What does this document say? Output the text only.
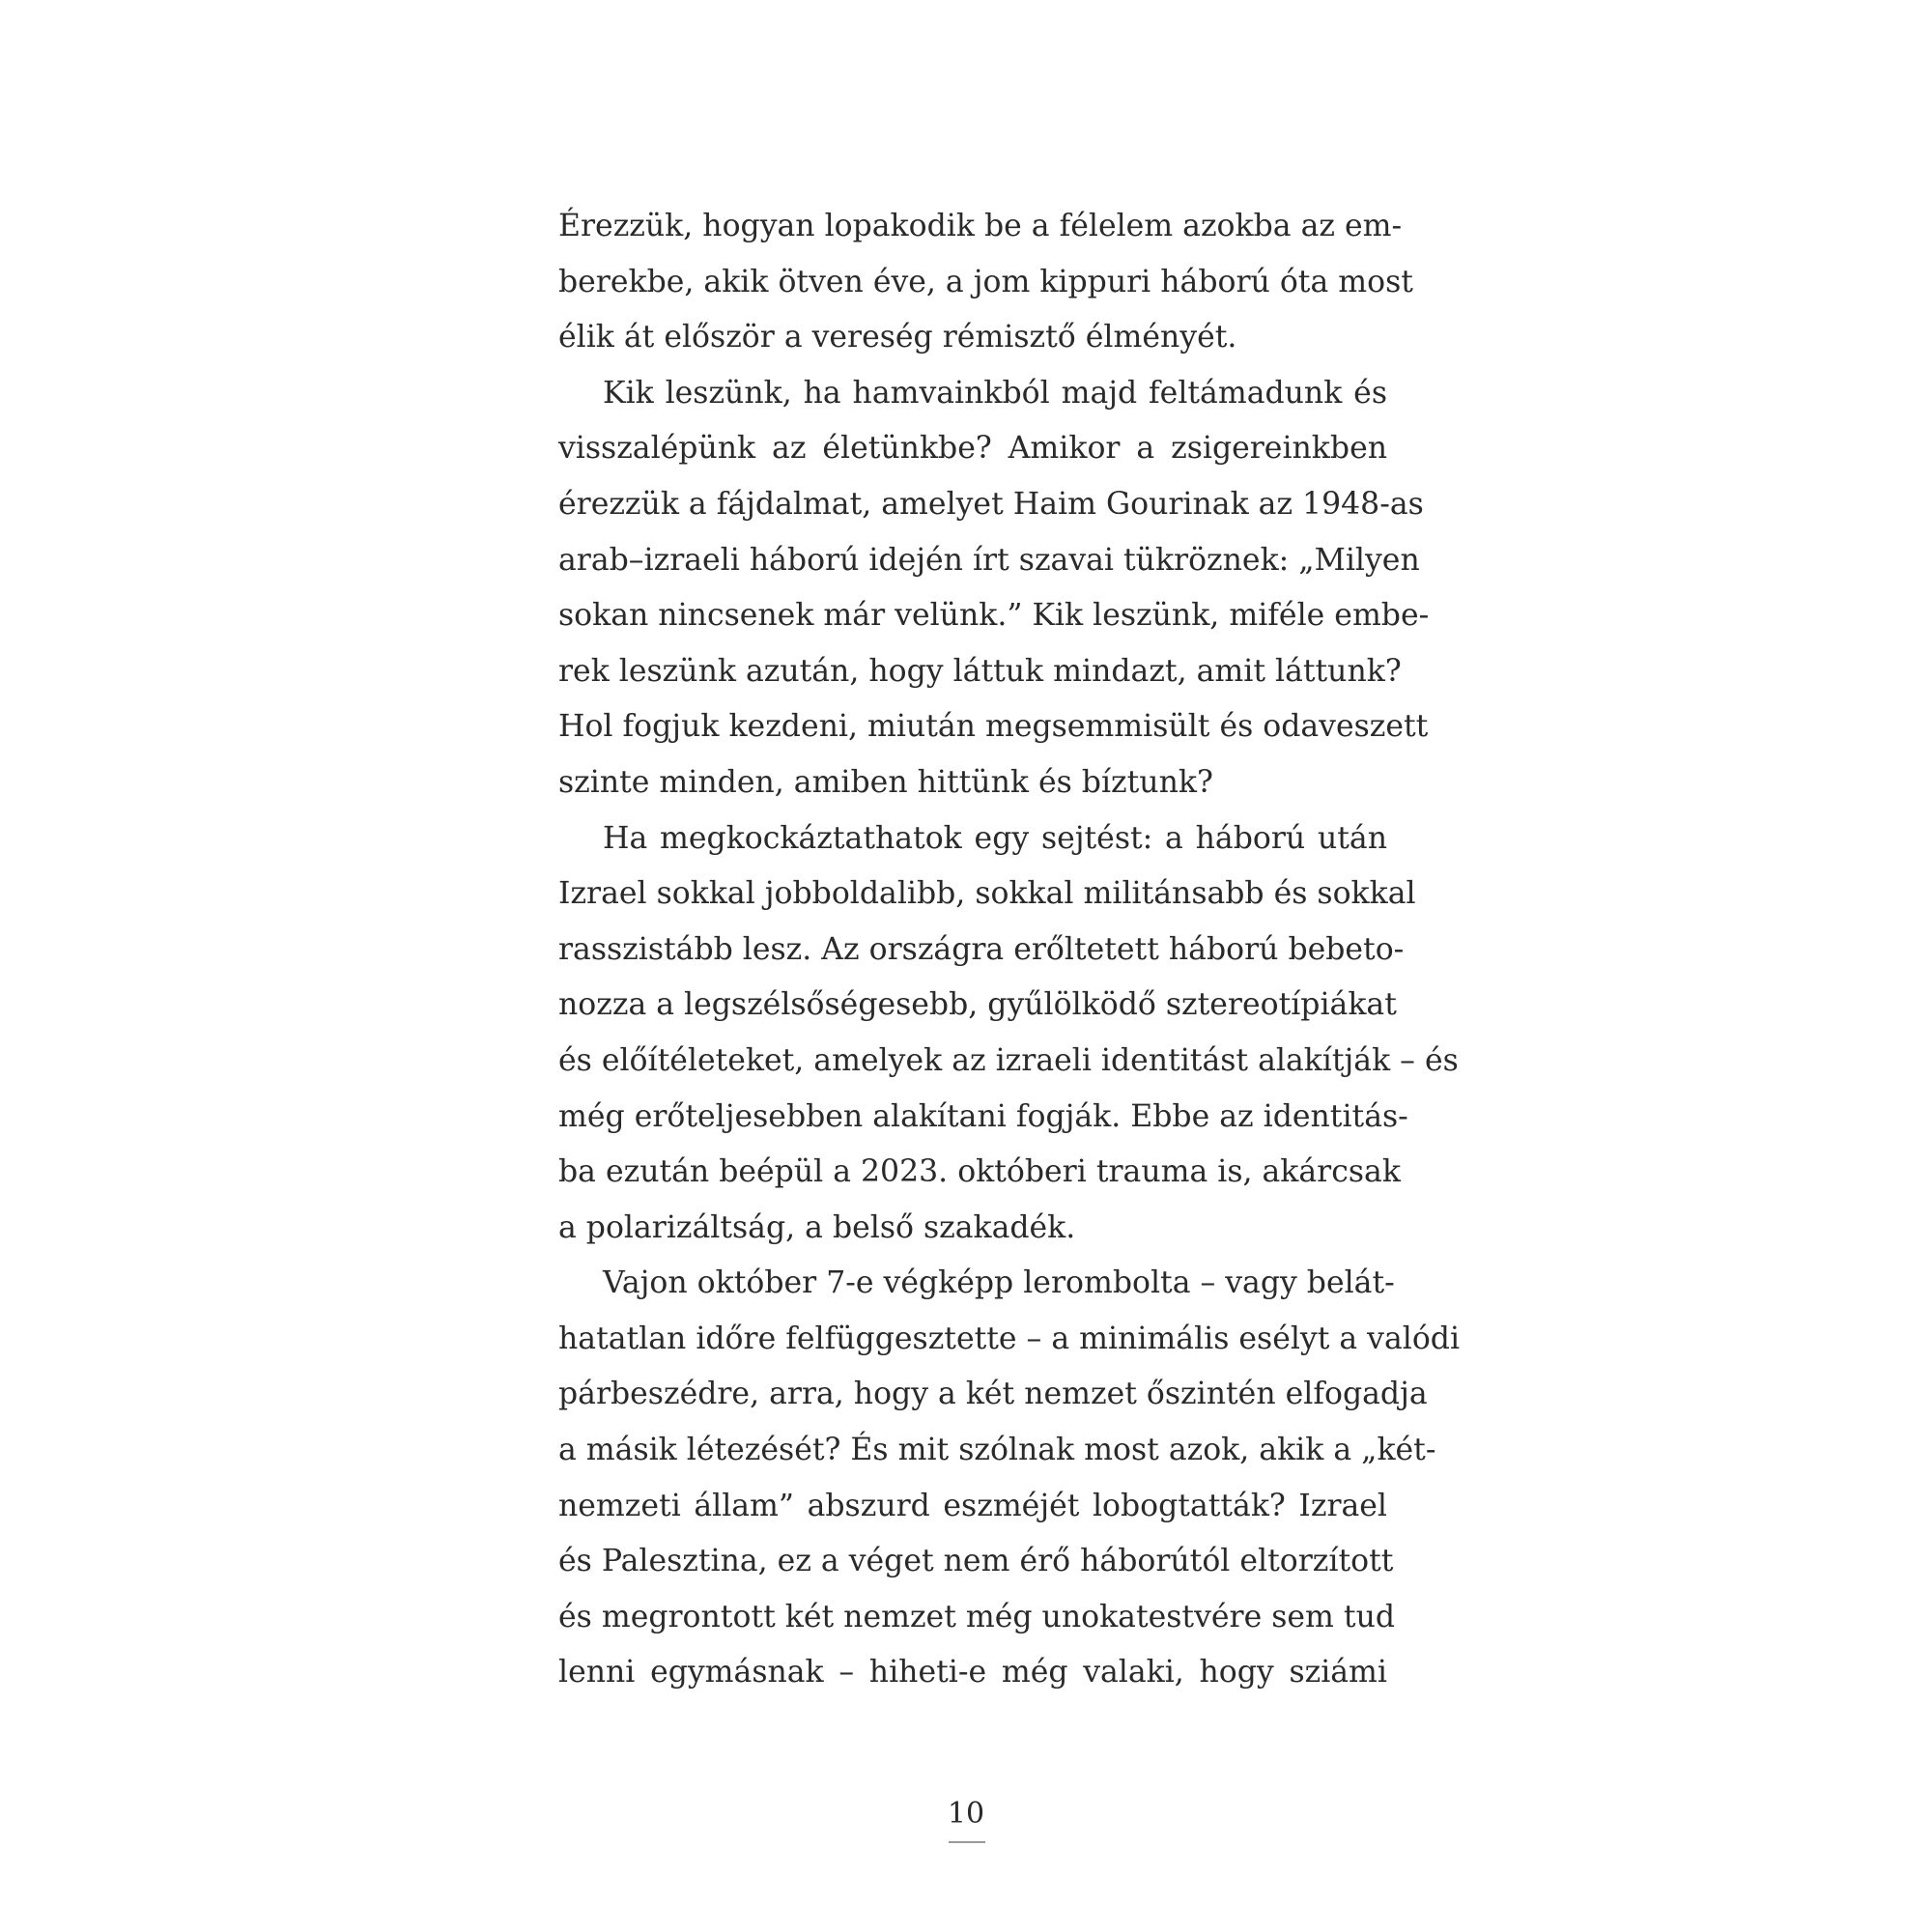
Érezzük, hogyan lopakodik be a félelem azokba az em-
berekbe, akik ötven éve, a jom kippuri háború óta most
élik át először a vereség rémisztő élményét.
Kik leszünk, ha hamvainkból majd feltámadunk és
visszalépünk az életünkbe? Amikor a zsigereinkben
érezzük a fájdalmat, amelyet Haim Gourinak az 1948-as
arab–izraeli háború idején írt szavai tükröznek: „Milyen
sokan nincsenek már velünk.” Kik leszünk, miféle embe-
rek leszünk azután, hogy láttuk mindazt, amit láttunk?
Hol fogjuk kezdeni, miután megsemmisült és odaveszett
szinte minden, amiben hittünk és bíztunk?
Ha megkockáztathatok egy sejtést: a háború után
Izrael sokkal jobboldalibb, sokkal militánsabb és sokkal
rasszistább lesz. Az országra erőltetett háború bebeto-
nozza a legszélsőségesebb, gyűlölködő sztereotípiákat
és előítéleteket, amelyek az izraeli identitást alakítják – és
még erőteljesebben alakítani fogják. Ebbe az identitás-
ba ezután beépül a 2023. októberi trauma is, akárcsak
a polarizáltság, a belső szakadék.
Vajon október 7-e végképp lerombolta – vagy belát-
hatatlan időre felfüggesztette – a minimális esélyt a valódi
párbeszédre, arra, hogy a két nemzet őszintén elfogadja
a másik létezését? És mit szólnak most azok, akik a „két-
nemzeti állam” abszurd eszméjét lobogtatták? Izrael
és Palesztina, ez a véget nem érő háborútól eltorzított
és megrontott két nemzet még unokatestvére sem tud
lenni egymásnak – hiheti-e még valaki, hogy sziámi
10
